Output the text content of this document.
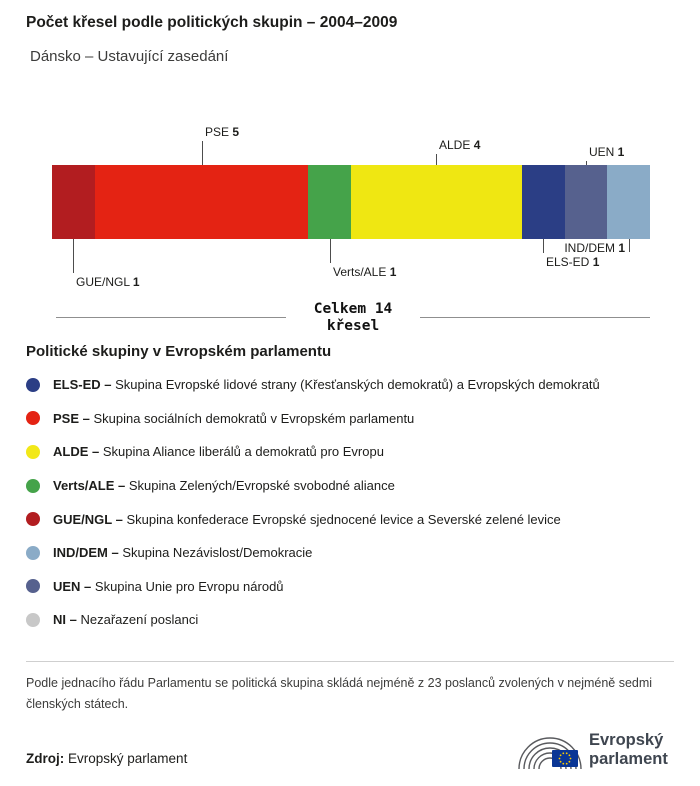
Počet křesel podle politických skupin – 2004–2009
Dánsko – Ustavující zasedání
GUE/NGL 1
PSE 5
Verts/ALE 1
ALDE 4
ELS-ED 1
UEN 1
IND/DEM 1
Celkem 14
křesel
Politické skupiny v Evropském parlamentu
ELS-ED – Skupina Evropské lidové strany (Křesťanských demokratů) a Evropských demokratů
PSE – Skupina sociálních demokratů v Evropském parlamentu
ALDE – Skupina Aliance liberálů a demokratů pro Evropu
Verts/ALE – Skupina Zelených/Evropské svobodné aliance
GUE/NGL – Skupina konfederace Evropské sjednocené levice a Severské zelené levice
IND/DEM – Skupina Nezávislost/Demokracie
UEN – Skupina Unie pro Evropu národů
NI – Nezařazení poslanci
Podle jednacího řádu Parlamentu se politická skupina skládá nejméně z 23 poslanců zvolených v nejméně sedmi členských státech.
Zdroj: Evropský parlament
Evropský
parlament
